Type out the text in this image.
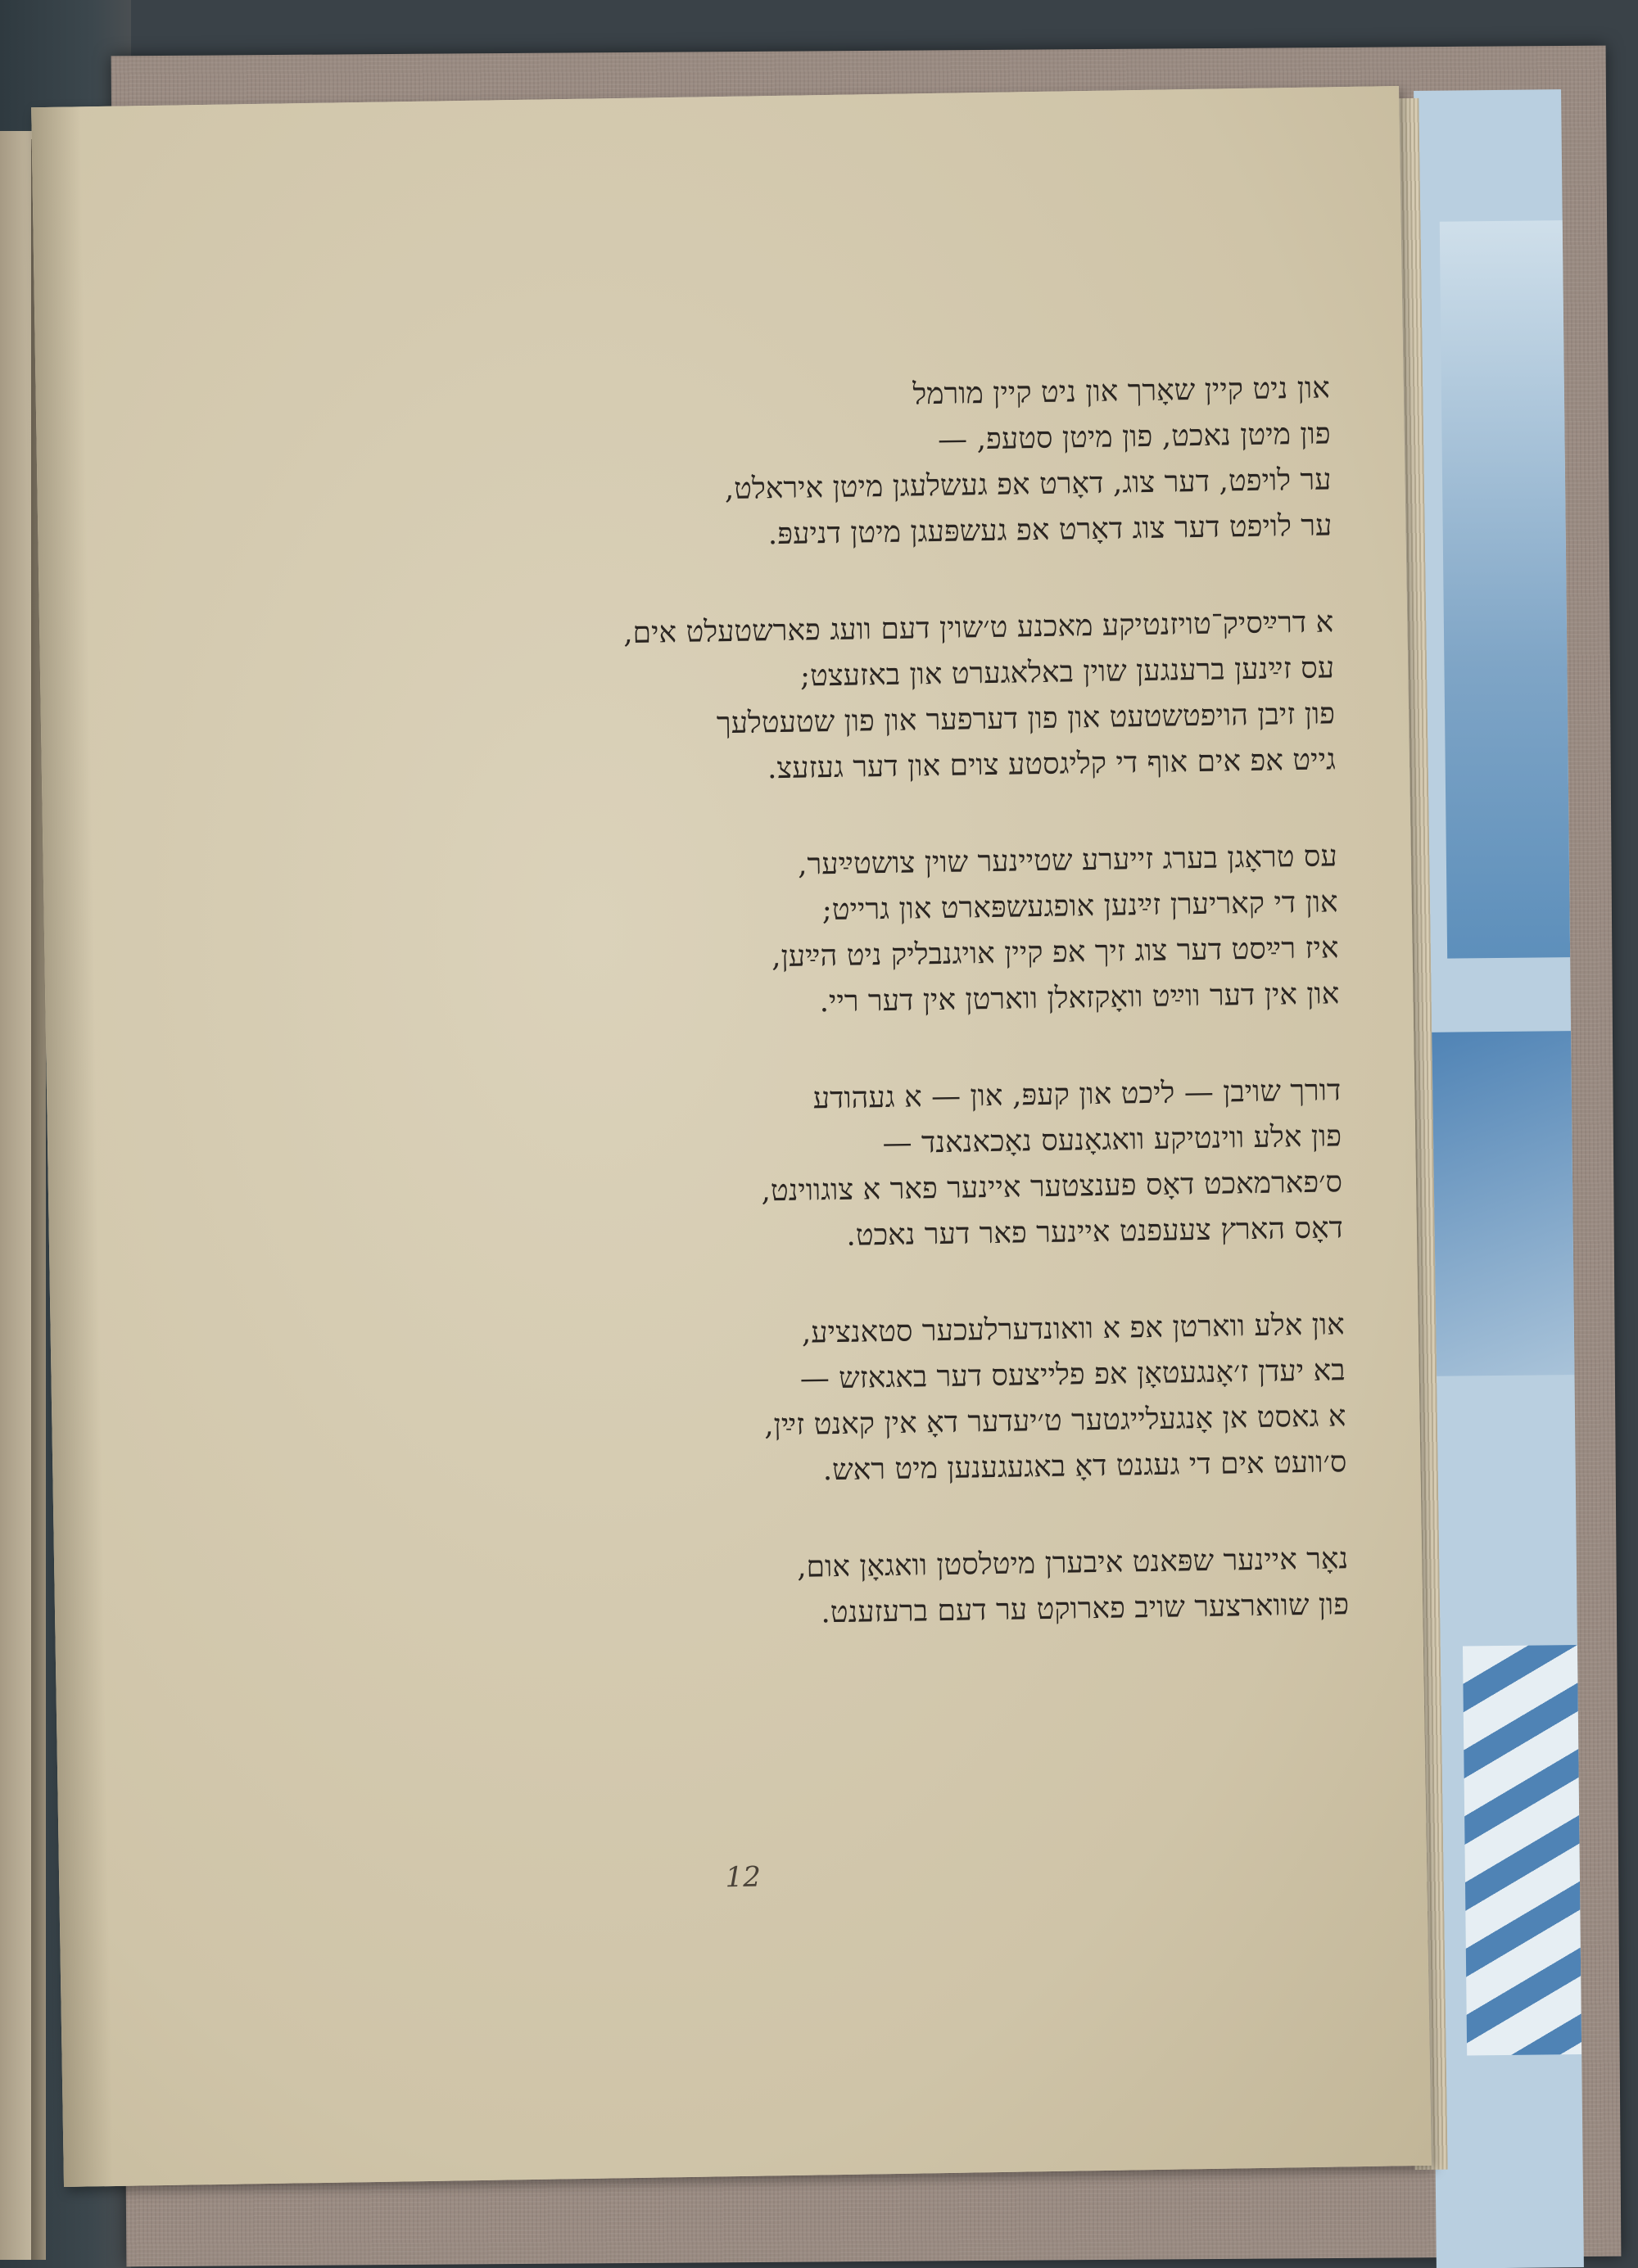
און ניט קיין שאָרך און ניט קיין מורמל
פון מיטן נאכט, פון מיטן סטעפ, —
ער לויפט, דער צוג, דאָרט אפ געשלעגן מיטן איראלט,
ער לויפט דער צוג דאָרט אפ געשפּעגן מיטן דניעפּ.
א דרײַסיק־טויזנטיקע מאכנע ט׳שוין דעם וועג פארשטעלט אים,
עס זײַנען ברענגען שוין באלאגערט און באזעצט;
פון זיבן הויפטשטעט און פון דערפער און פון שטעטלעך
גייט אפ אים אוף די קליגסטע צוים און דער געזעצ.
עס טראָגן בערג זייערע שטיינער שוין צושטײַער,
און די קאריערן זײַנען אופגעשפּארט און גרייט;
איז רײַסט דער צוג זיך אפ קיין אויגנבליק ניט הײַען,
און אין דער ווײַט וואָקזאלן ווארטן אין דער ריי.
דורך שויבן — ליכט און קעפּ, און — א געהודע
פון אלע ווינטיקע וואגאָנעס נאָכאנאנד —
ס׳פארמאכט דאָס פענצטער איינער פאר א צוגווינט,
דאָס הארץ צעעפנט איינער פאר דער נאכט.
און אלע ווארטן אפ א וואונדערלעכער סטאנציע,
בא יעדן ז׳אָנגעטאָן אפ פלייצעס דער באגאזש —
א גאסט אן אָנגעלייגטער ט׳יעדער דאָ אין קאנט זײַן,
ס׳וועט אים די געגנט דאָ באגעגענען מיט ראש.
נאָר איינער שפּאנט איבערן מיטלסטן וואגאָן אום,
פון שווארצער שויב פארוקט ער דעם ברעזענט.
12
